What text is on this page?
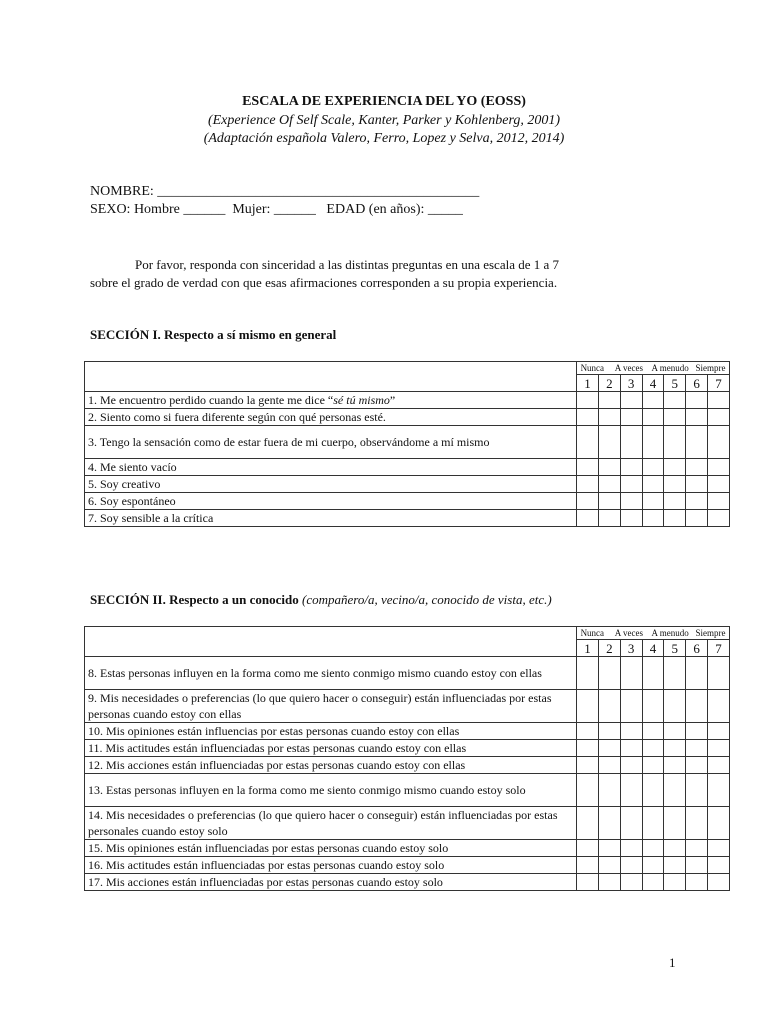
ESCALA DE EXPERIENCIA DEL YO (EOSS)
(Experience Of Self Scale, Kanter, Parker y Kohlenberg, 2001)
(Adaptación española Valero, Ferro, Lopez y Selva, 2012, 2014)
NOMBRE: ______________________________________________
SEXO: Hombre ______  Mujer: ______   EDAD (en años): _____
Por favor, responda con sinceridad a las distintas preguntas en una escala de 1 a 7
sobre el grado de verdad con que esas afirmaciones corresponden a su propia experiencia.
SECCIÓN I. Respecto a sí mismo en general
	Nunca     A veces    A menudo   Siempre						
	1	2	3	4	5	6	7
1. Me encuentro perdido cuando la gente me dice “sé tú mismo”							
2. Siento como si fuera diferente según con qué personas esté.							
3. Tengo la sensación como de estar fuera de mi cuerpo, observándome a mí mismo							
4. Me siento vacío							
5. Soy creativo							
6. Soy espontáneo							
7. Soy sensible a la crítica							
SECCIÓN II. Respecto a un conocido (compañero/a, vecino/a, conocido de vista, etc.)
	Nunca     A veces    A menudo   Siempre						
	1	2	3	4	5	6	7
8. Estas personas influyen en la forma como me siento conmigo mismo cuando estoy con ellas							
9. Mis necesidades o preferencias (lo que quiero hacer o conseguir) están influenciadas por estas personas cuando estoy con ellas							
10. Mis opiniones están influencias por estas personas cuando estoy con ellas							
11. Mis actitudes están influenciadas por estas personas cuando estoy con ellas							
12. Mis acciones están influenciadas por estas personas cuando estoy con ellas							
13. Estas personas influyen en la forma como me siento conmigo mismo cuando estoy solo							
14. Mis necesidades o preferencias (lo que quiero hacer o conseguir) están influenciadas por estas personales cuando estoy solo							
15. Mis opiniones están influenciadas por estas personas cuando estoy solo							
16. Mis actitudes están influenciadas por estas personas cuando estoy solo							
17. Mis acciones están influenciadas por estas personas cuando estoy solo							
1
